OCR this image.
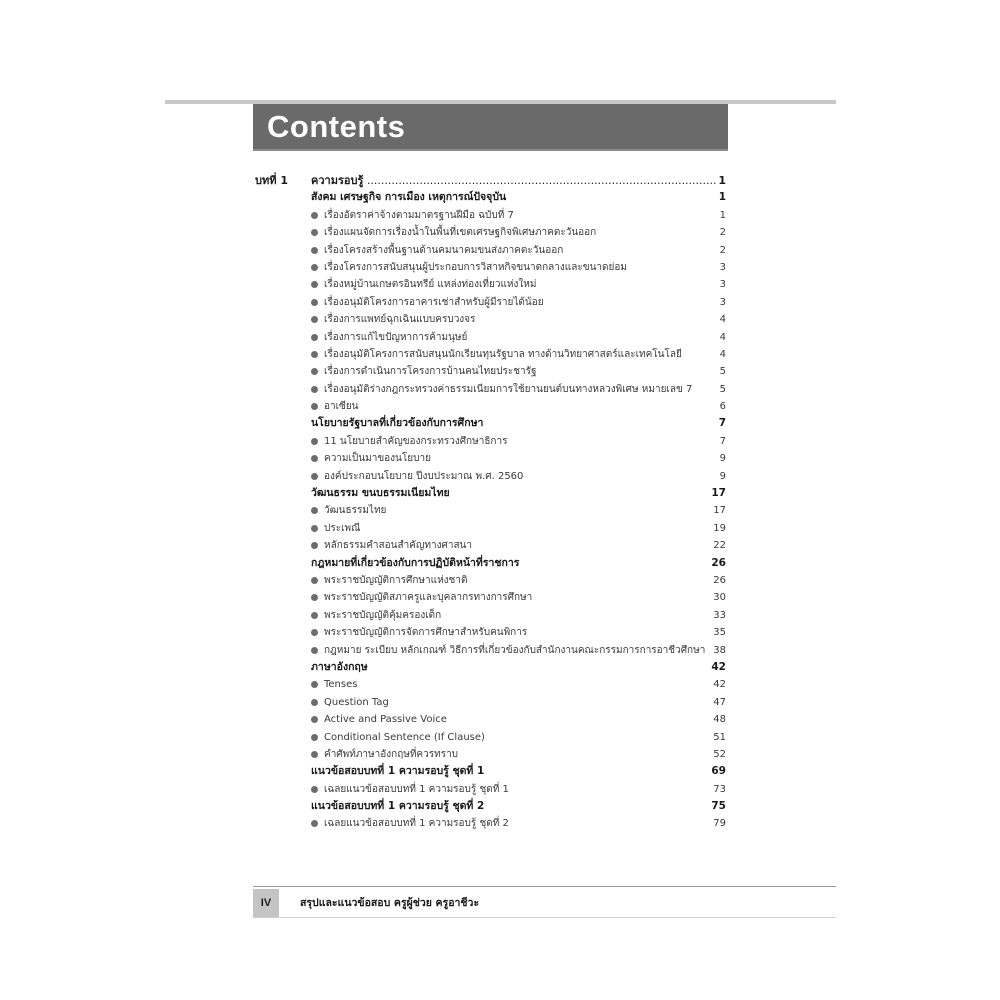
Contents
บทที่ 1 ความรอบรู้ .....	1
สังคม เศรษฐกิจ การเมือง เหตุการณ์ปัจจุบัน	1
เรื่องอัตราค่าจ้างตามมาตรฐานฝีมือ ฉบับที่ 7	1
เรื่องแผนจัดการเรื่องน้ำในพื้นที่เขตเศรษฐกิจพิเศษภาคตะวันออก	2
เรื่องโครงสร้างพื้นฐานด้านคมนาคมขนส่งภาคตะวันออก	2
เรื่องโครงการสนับสนุนผู้ประกอบการวิสาหกิจขนาดกลางและขนาดย่อม	3
เรื่องหมู่บ้านเกษตรอินทรีย์ แหล่งท่องเที่ยวแห่งใหม่	3
เรื่องอนุมัติโครงการอาคารเช่าสำหรับผู้มีรายได้น้อย	3
เรื่องการแพทย์ฉุกเฉินแบบครบวงจร	4
เรื่องการแก้ไขปัญหาการค้ามนุษย์	4
เรื่องอนุมัติโครงการสนับสนุนนักเรียนทุนรัฐบาล ทางด้านวิทยาศาสตร์และเทคโนโลยี	4
เรื่องการดำเนินการโครงการบ้านคนไทยประชารัฐ	5
เรื่องอนุมัติร่างกฎกระทรวงค่าธรรมเนียมการใช้ยานยนต์บนทางหลวงพิเศษ หมายเลข 7	5
อาเซียน	6
นโยบายรัฐบาลที่เกี่ยวข้องกับการศึกษา	7
11 นโยบายสำคัญของกระทรวงศึกษาธิการ	7
ความเป็นมาของนโยบาย	9
องค์ประกอบนโยบาย ปีงบประมาณ พ.ศ. 2560	9
วัฒนธรรม ขนบธรรมเนียมไทย	17
วัฒนธรรมไทย	17
ประเพณี	19
หลักธรรมคำสอนสำคัญทางศาสนา	22
กฎหมายที่เกี่ยวข้องกับการปฏิบัติหน้าที่ราชการ	26
พระราชบัญญัติการศึกษาแห่งชาติ	26
พระราชบัญญัติสภาครูและบุคลากรทางการศึกษา	30
พระราชบัญญัติคุ้มครองเด็ก	33
พระราชบัญญัติการจัดการศึกษาสำหรับคนพิการ	35
กฎหมาย ระเบียบ หลักเกณฑ์ วิธีการที่เกี่ยวข้องกับสำนักงานคณะกรรมการการอาชีวศึกษา 38
ภาษาอังกฤษ	42
Tenses	42
Question Tag	47
Active and Passive Voice	48
Conditional Sentence (If Clause)	51
คำศัพท์ภาษาอังกฤษที่ควรทราบ	52
แนวข้อสอบบทที่ 1 ความรอบรู้ ชุดที่ 1	69
เฉลยแนวข้อสอบบทที่ 1 ความรอบรู้ ชุดที่ 1	73
แนวข้อสอบบทที่ 1 ความรอบรู้ ชุดที่ 2	75
เฉลยแนวข้อสอบบทที่ 1 ความรอบรู้ ชุดที่ 2	79
IV	สรุปและแนวข้อสอบ ครูผู้ช่วย ครูอาชีวะ
